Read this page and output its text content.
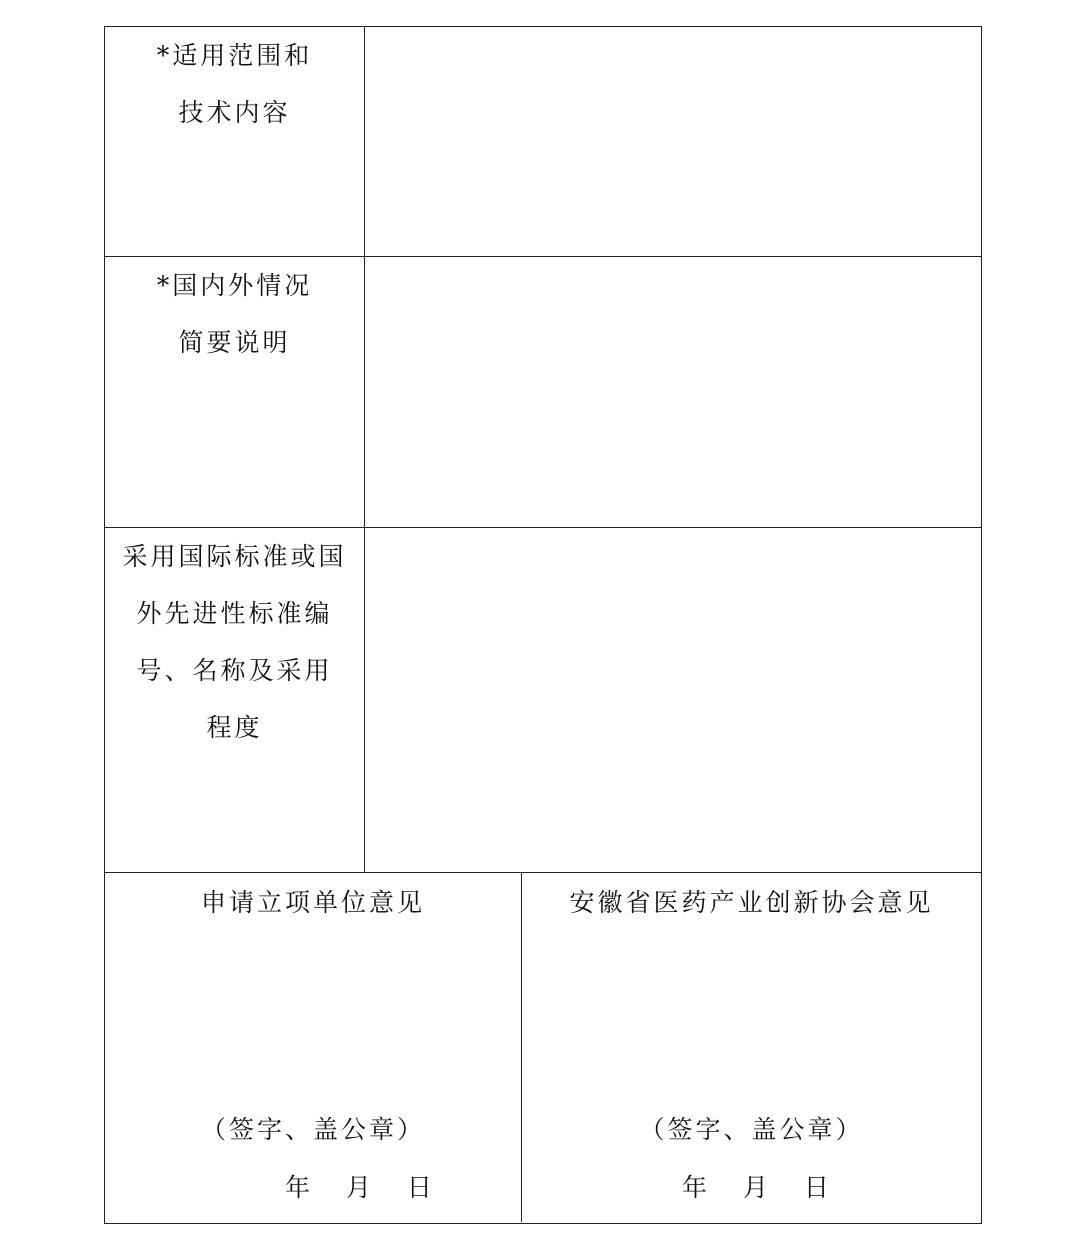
*适用范围和
技术内容
*国内外情况
简要说明
采用国际标准或国
外先进性标准编
号、名称及采用
程度
申请立项单位意见
（签字、盖公章）
年 月 日
安徽省医药产业创新协会意见
（签字、盖公章）
年 月 日
